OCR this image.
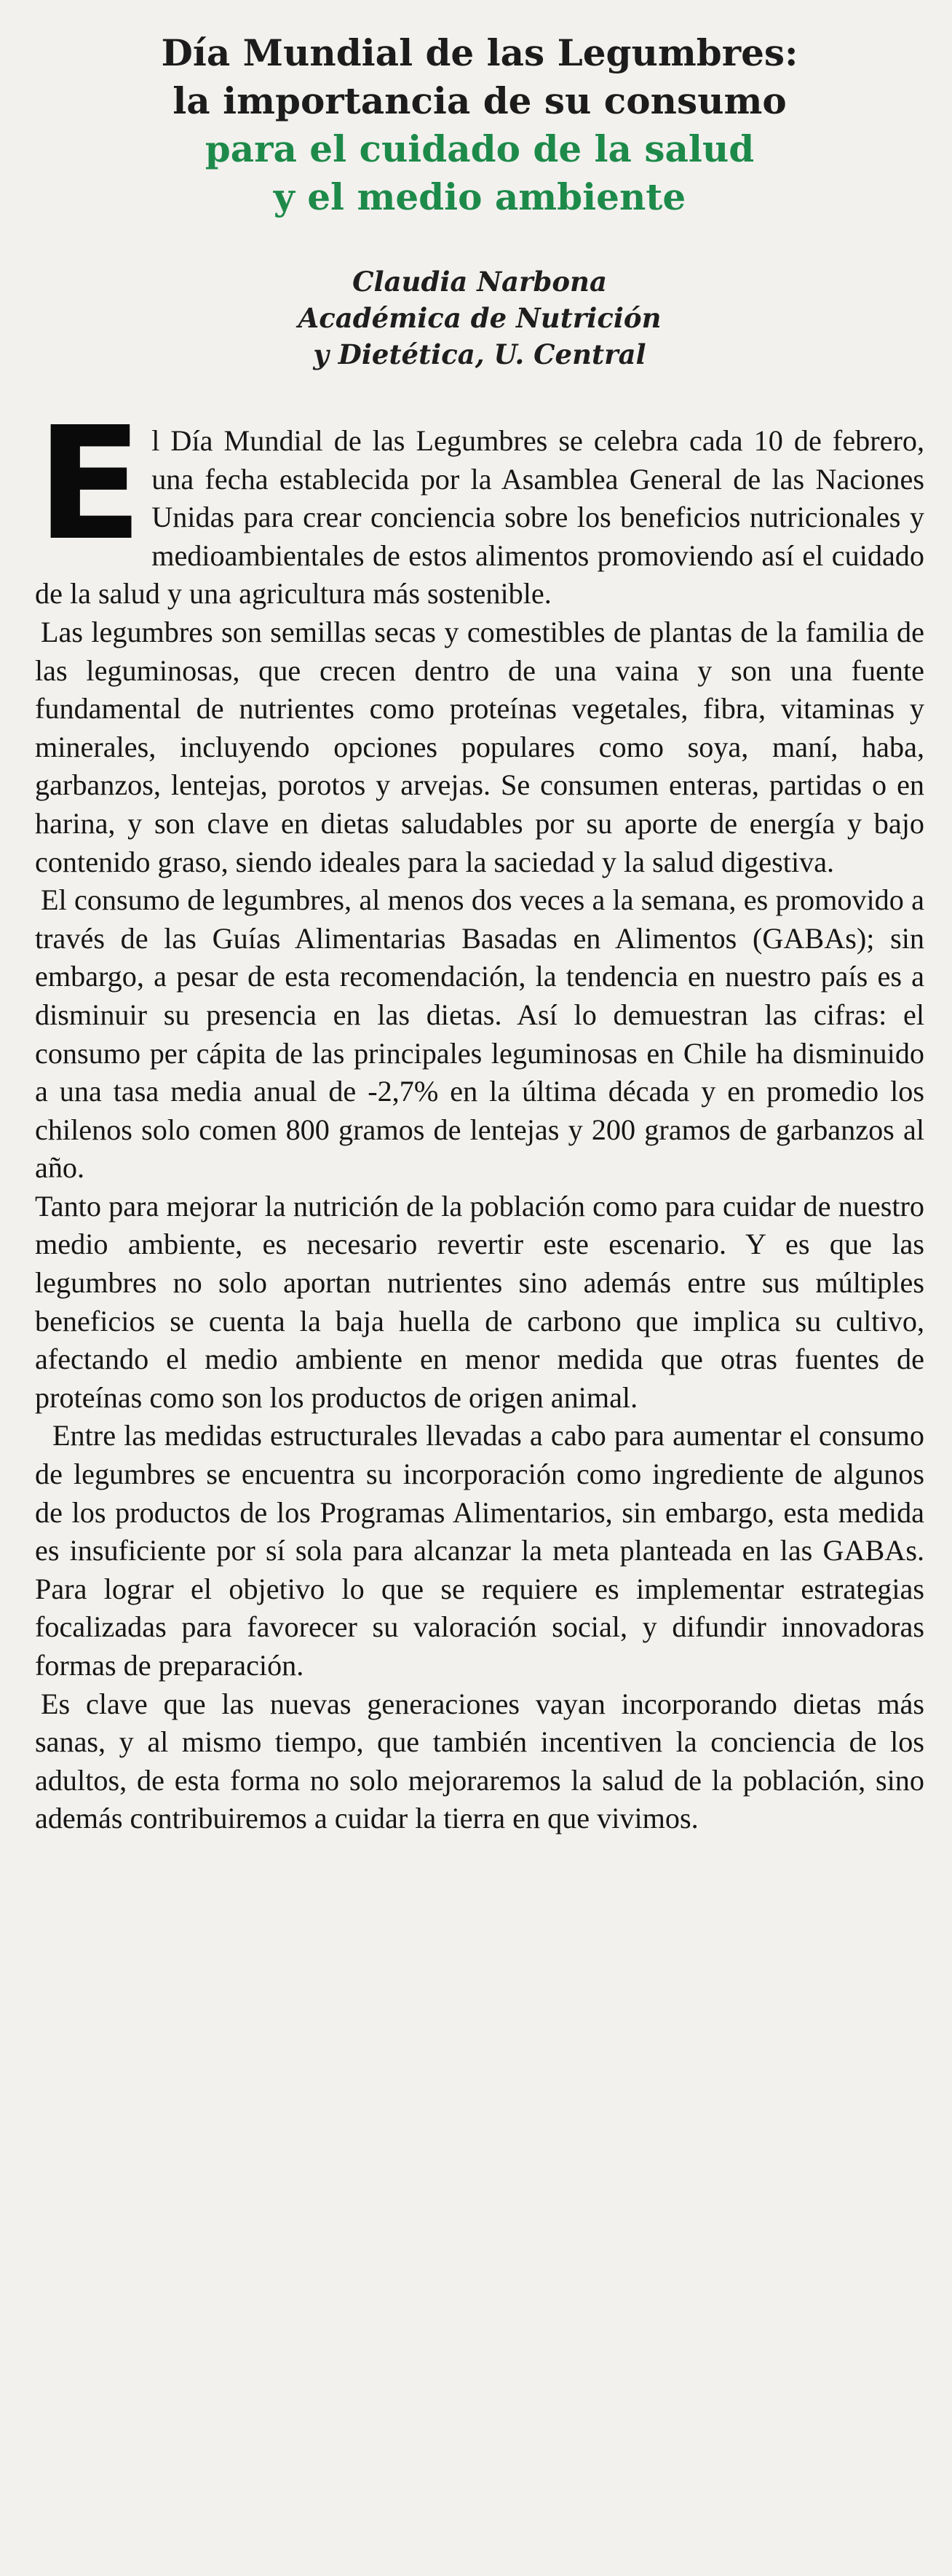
Día Mundial de las Legumbres:
la importancia de su consumo
para el cuidado de la salud
y el medio ambiente
Claudia Narbona
Académica de Nutrición
y Dietética, U. Central

El Día Mundial de las Legumbres se celebra cada 10 de febrero, una fecha establecida por la Asamblea General de las Naciones Unidas para crear conciencia sobre los beneficios nutricionales y medioambientales de estos alimentos promoviendo así el cuidado de la salud y una agricultura más sostenible.

Las legumbres son semillas secas y comestibles de plantas de la familia de las leguminosas, que crecen dentro de una vaina y son una fuente fundamental de nutrientes como proteínas vegetales, fibra, vitaminas y minerales, incluyendo opciones populares como soya, maní, haba, garbanzos, lentejas, porotos y arvejas. Se consumen enteras, partidas o en harina, y son clave en dietas saludables por su aporte de energía y bajo contenido graso, siendo ideales para la saciedad y la salud digestiva.

El consumo de legumbres, al menos dos veces a la semana, es promovido a través de las Guías Alimentarias Basadas en Alimentos (GABAs); sin embargo, a pesar de esta recomendación, la tendencia en nuestro país es a disminuir su presencia en las dietas. Así lo demuestran las cifras: el consumo per cápita de las principales leguminosas en Chile ha disminuido a una tasa media anual de -2,7% en la última década y en promedio los chilenos solo comen 800 gramos de lentejas y 200 gramos de garbanzos al año.

Tanto para mejorar la nutrición de la población como para cuidar de nuestro medio ambiente, es necesario revertir este escenario. Y es que las legumbres no solo aportan nutrientes sino además entre sus múltiples beneficios se cuenta la baja huella de carbono que implica su cultivo, afectando el medio ambiente en menor medida que otras fuentes de proteínas como son los productos de origen animal.

Entre las medidas estructurales llevadas a cabo para aumentar el consumo de legumbres se encuentra su incorporación como ingrediente de algunos de los productos de los Programas Alimentarios, sin embargo, esta medida es insuficiente por sí sola para alcanzar la meta planteada en las GABAs. Para lograr el objetivo lo que se requiere es implementar estrategias focalizadas para favorecer su valoración social, y difundir innovadoras formas de preparación.

Es clave que las nuevas generaciones vayan incorporando dietas más sanas, y al mismo tiempo, que también incentiven la conciencia de los adultos, de esta forma no solo mejoraremos la salud de la población, sino además contribuiremos a cuidar la tierra en que vivimos.
